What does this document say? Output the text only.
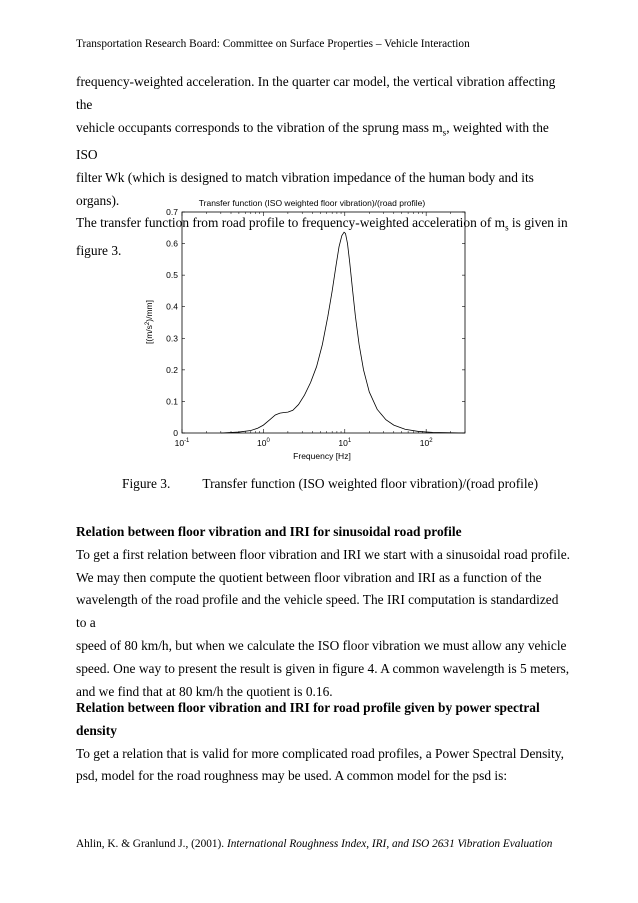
Transportation Research Board: Committee on Surface Properties – Vehicle Interaction

frequency-weighted acceleration. In the quarter car model, the vertical vibration affecting the

vehicle occupants corresponds to the vibration of the sprung mass $m_s$, weighted with the ISO

filter Wk (which is designed to match vibration impedance of the human body and its organs).

The transfer function from road profile to frequency-weighted acceleration of $m_s$ is given in

figure 3.

Transfer function (ISO weighted floor vibration)/(road profile)
0
0.1
0.2
0.3
0.4
0.5
0.6
0.7
$10^{-1}$	$10^0$	$10^1$	$10^2$
Frequency [Hz]
$[(m/s^2)/mm]$
Figure 3. Transfer function (ISO weighted floor vibration)/(road profile)

Relation between floor vibration and IRI for sinusoidal road profile

To get a first relation between floor vibration and IRI we start with a sinusoidal road profile.

We may then compute the quotient between floor vibration and IRI as a function of the

wavelength of the road profile and the vehicle speed. The IRI computation is standardized to a

speed of 80 km/h, but when we calculate the ISO floor vibration we must allow any vehicle

speed. One way to present the result is given in figure 4. A common wavelength is 5 meters,

and we find that at 80 km/h the quotient is 0.16.

Relation between floor vibration and IRI for road profile given by power spectral

density

To get a relation that is valid for more complicated road profiles, a Power Spectral Density,

psd, model for the road roughness may be used. A common model for the psd is:

Ahlin, K. & Granlund J., (2001). International Roughness Index, IRI, and ISO 2631 Vibration Evaluation
